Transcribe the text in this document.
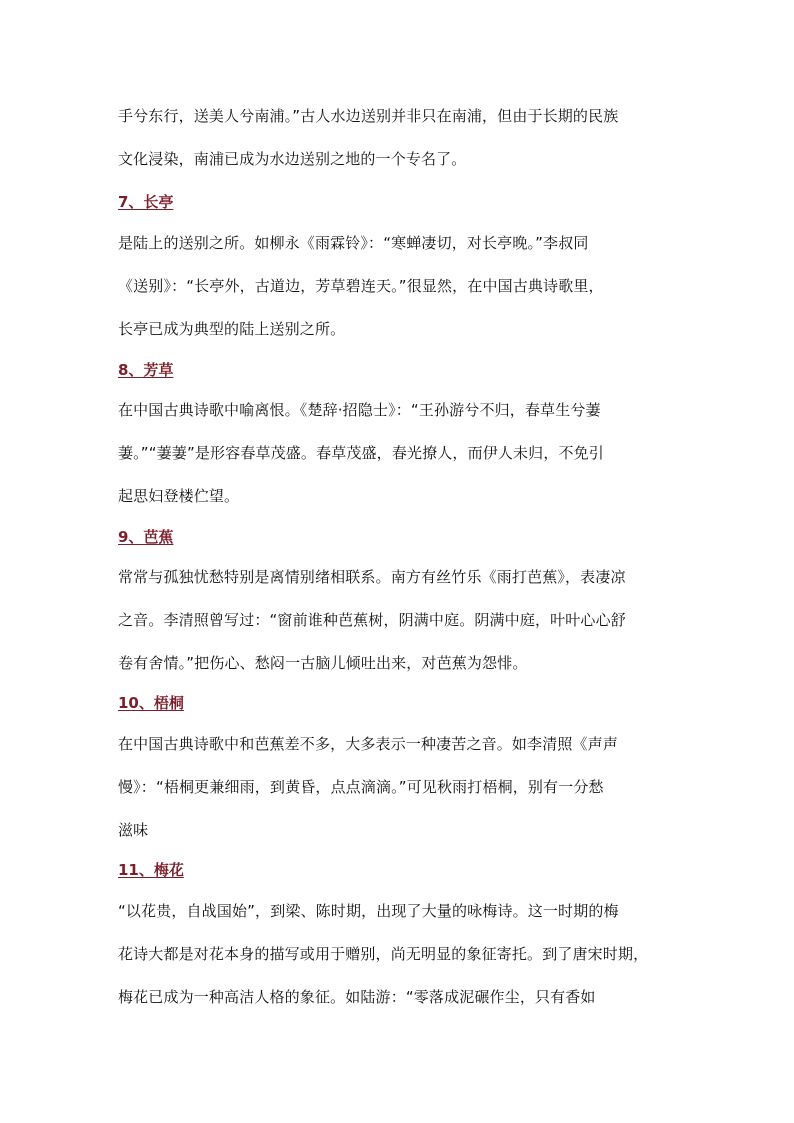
手兮东行，送美人兮南浦。”古人水边送别并非只在南浦，但由于长期的民族
文化浸染，南浦已成为水边送别之地的一个专名了。
7、长亭
是陆上的送别之所。如柳永《雨霖铃》：“寒蝉凄切，对长亭晚。”李叔同
《送别》：“长亭外，古道边，芳草碧连天。”很显然，在中国古典诗歌里，
长亭已成为典型的陆上送别之所。
8、芳草
在中国古典诗歌中喻离恨。《楚辞·招隐士》：“王孙游兮不归，春草生兮萋
萋。”“萋萋”是形容春草茂盛。春草茂盛，春光撩人，而伊人未归，不免引
起思妇登楼伫望。
9、芭蕉
常常与孤独忧愁特别是离情别绪相联系。南方有丝竹乐《雨打芭蕉》，表凄凉
之音。李清照曾写过：“窗前谁种芭蕉树，阴满中庭。阴满中庭，叶叶心心舒
卷有舍情。”把伤心、愁闷一古脑儿倾吐出来，对芭蕉为怨悱。
10、梧桐
在中国古典诗歌中和芭蕉差不多，大多表示一种凄苦之音。如李清照《声声
慢》：“梧桐更兼细雨，到黄昏，点点滴滴。”可见秋雨打梧桐，别有一分愁
滋味
11、梅花
“以花贵，自战国始”，到梁、陈时期，出现了大量的咏梅诗。这一时期的梅
花诗大都是对花本身的描写或用于赠别，尚无明显的象征寄托。到了唐宋时期，
梅花已成为一种高洁人格的象征。如陆游：“零落成泥碾作尘，只有香如
